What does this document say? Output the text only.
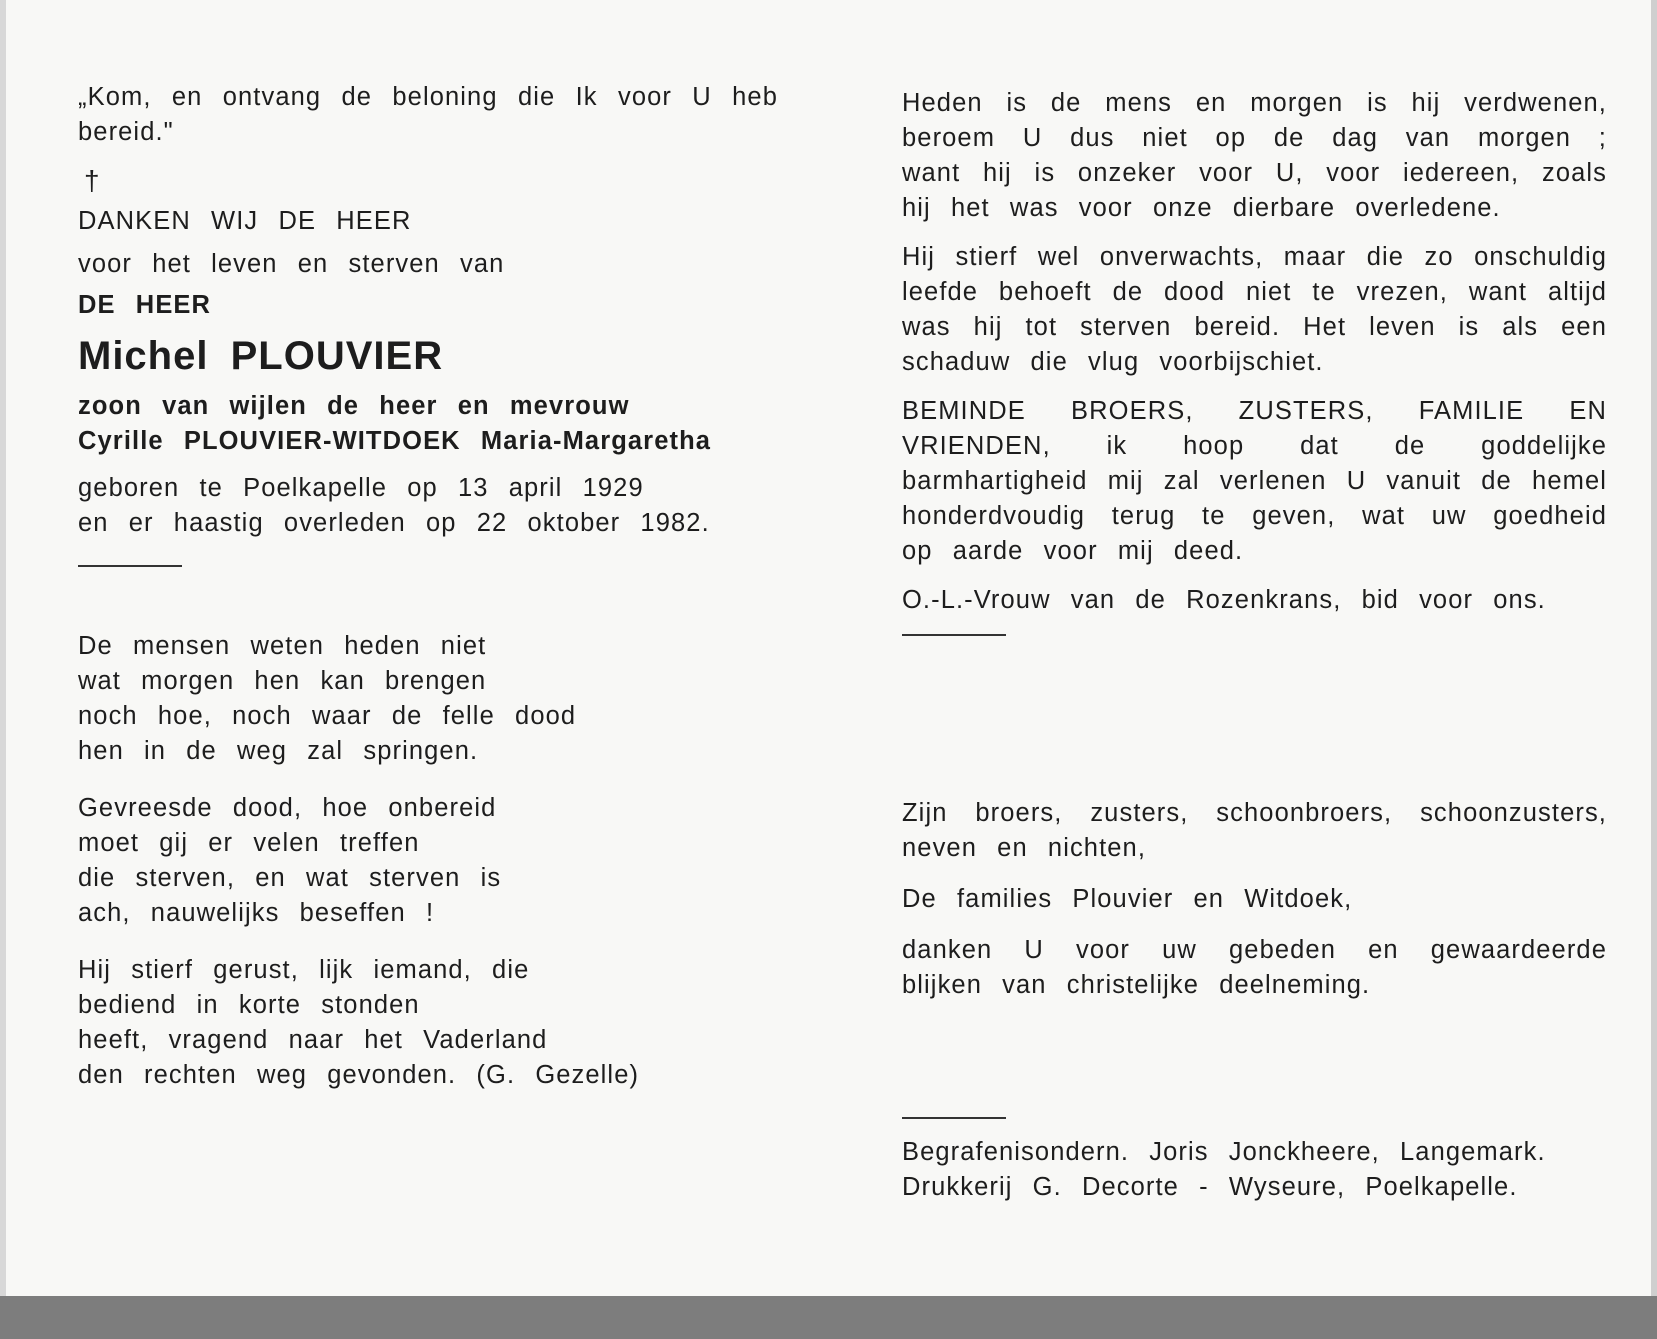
„Kom, en ontvang de beloning die Ik voor U heb bereid."

†

DANKEN WIJ DE HEER

voor het leven en sterven van

DE HEER

Michel PLOUVIER

zoon van wijlen de heer en mevrouw

Cyrille PLOUVIER-WITDOEK Maria-Margaretha

geboren te Poelkapelle op 13 april 1929

en er haastig overleden op 22 oktober 1982.

De mensen weten heden niet
wat morgen hen kan brengen
noch hoe, noch waar de felle dood
hen in de weg zal springen.
Gevreesde dood, hoe onbereid
moet gij er velen treffen
die sterven, en wat sterven is
ach, nauwelijks beseffen !
Hij stierf gerust, lijk iemand, die
bediend in korte stonden
heeft, vragend naar het Vaderland
den rechten weg gevonden. (G. Gezelle)

Heden is de mens en morgen is hij verdwenen, beroem U dus niet op de dag van morgen ; want hij is onzeker voor U, voor iedereen, zoals hij het was voor onze dierbare overledene.

Hij stierf wel onverwachts, maar die zo onschuldig leefde behoeft de dood niet te vrezen, want altijd was hij tot sterven bereid. Het leven is als een schaduw die vlug voorbijschiet.

BEMINDE BROERS, ZUSTERS, FAMILIE EN VRIENDEN, ik hoop dat de goddelijke barmhartigheid mij zal verlenen U vanuit de hemel honderdvoudig terug te geven, wat uw goedheid op aarde voor mij deed.

O.-L.-Vrouw van de Rozenkrans, bid voor ons.

Zijn broers, zusters, schoonbroers, schoonzusters, neven en nichten,

De families Plouvier en Witdoek,

danken U voor uw gebeden en gewaardeerde blijken van christelijke deelneming.

Begrafenisondern. Joris Jonckheere, Langemark.

Drukkerij G. Decorte - Wyseure, Poelkapelle.
